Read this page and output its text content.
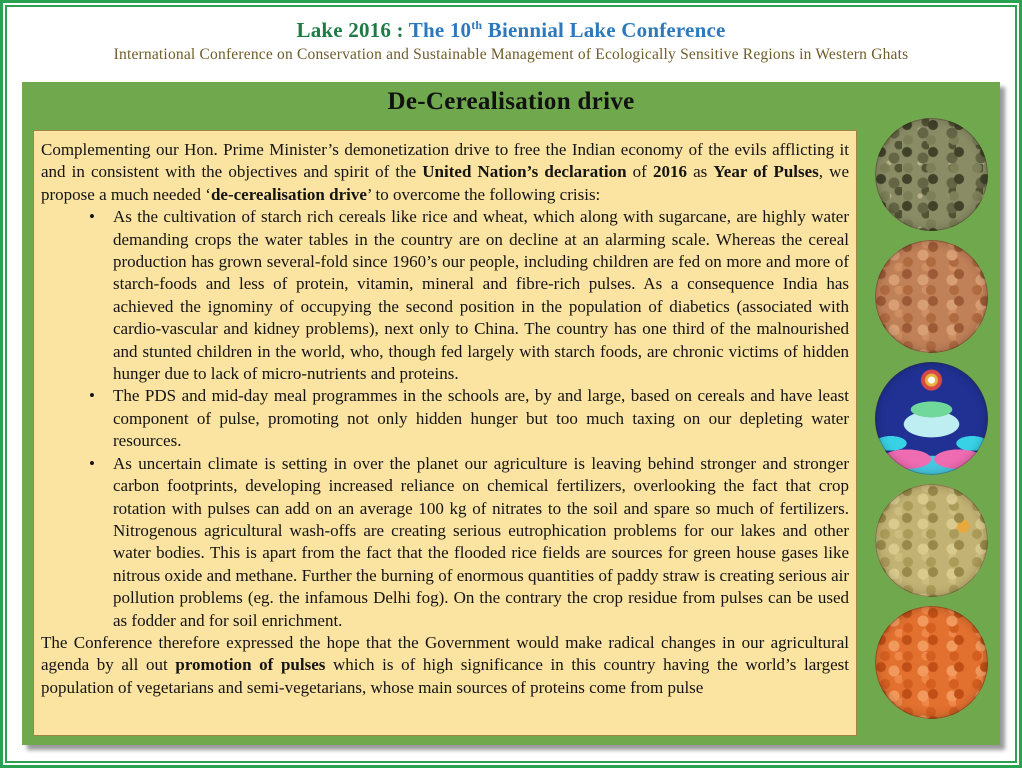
Lake 2016 : The 10th Biennial Lake Conference
International Conference on Conservation and Sustainable Management of Ecologically Sensitive Regions in Western Ghats
De-Cerealisation drive

Complementing our Hon. Prime Minister’s demonetization drive to free the Indian economy of the evils afflicting it and in consistent with the objectives and spirit of the United Nation’s declaration of 2016 as Year of Pulses, we propose a much needed ‘de-cerealisation drive’ to overcome the following crisis:

•	As the cultivation of starch rich cereals like rice and wheat, which along with sugarcane, are highly water demanding crops the water tables in the country are on decline at an alarming scale. Whereas the cereal production has grown several-fold since 1960’s our people, including children are fed on more and more of starch-foods and less of protein, vitamin, mineral and fibre-rich pulses. As a consequence India has achieved the ignominy of occupying the second position in the population of diabetics (associated with cardio-vascular and kidney problems), next only to China. The country has one third of the malnourished and stunted children in the world, who, though fed largely with starch foods, are chronic victims of hidden hunger due to lack of micro-nutrients and proteins.
•	The PDS and mid-day meal programmes in the schools are, by and large, based on cereals and have least component of pulse, promoting not only hidden hunger but too much taxing on our depleting water resources.
•	As uncertain climate is setting in over the planet our agriculture is leaving behind stronger and stronger carbon footprints, developing increased reliance on chemical fertilizers, overlooking the fact that crop rotation with pulses can add on an average 100 kg of nitrates to the soil and spare so much of fertilizers. Nitrogenous agricultural wash-offs are creating serious eutrophication problems for our lakes and other water bodies. This is apart from the fact that the flooded rice fields are sources for green house gases like nitrous oxide and methane. Further the burning of enormous quantities of paddy straw is creating serious air pollution problems (eg. the infamous Delhi fog). On the contrary the crop residue from pulses can be used as fodder and for soil enrichment.

The Conference therefore expressed the hope that the Government would make radical changes in our agricultural agenda by all out promotion of pulses which is of high significance in this country having the world’s largest population of vegetarians and semi-vegetarians, whose main sources of proteins come from pulse
